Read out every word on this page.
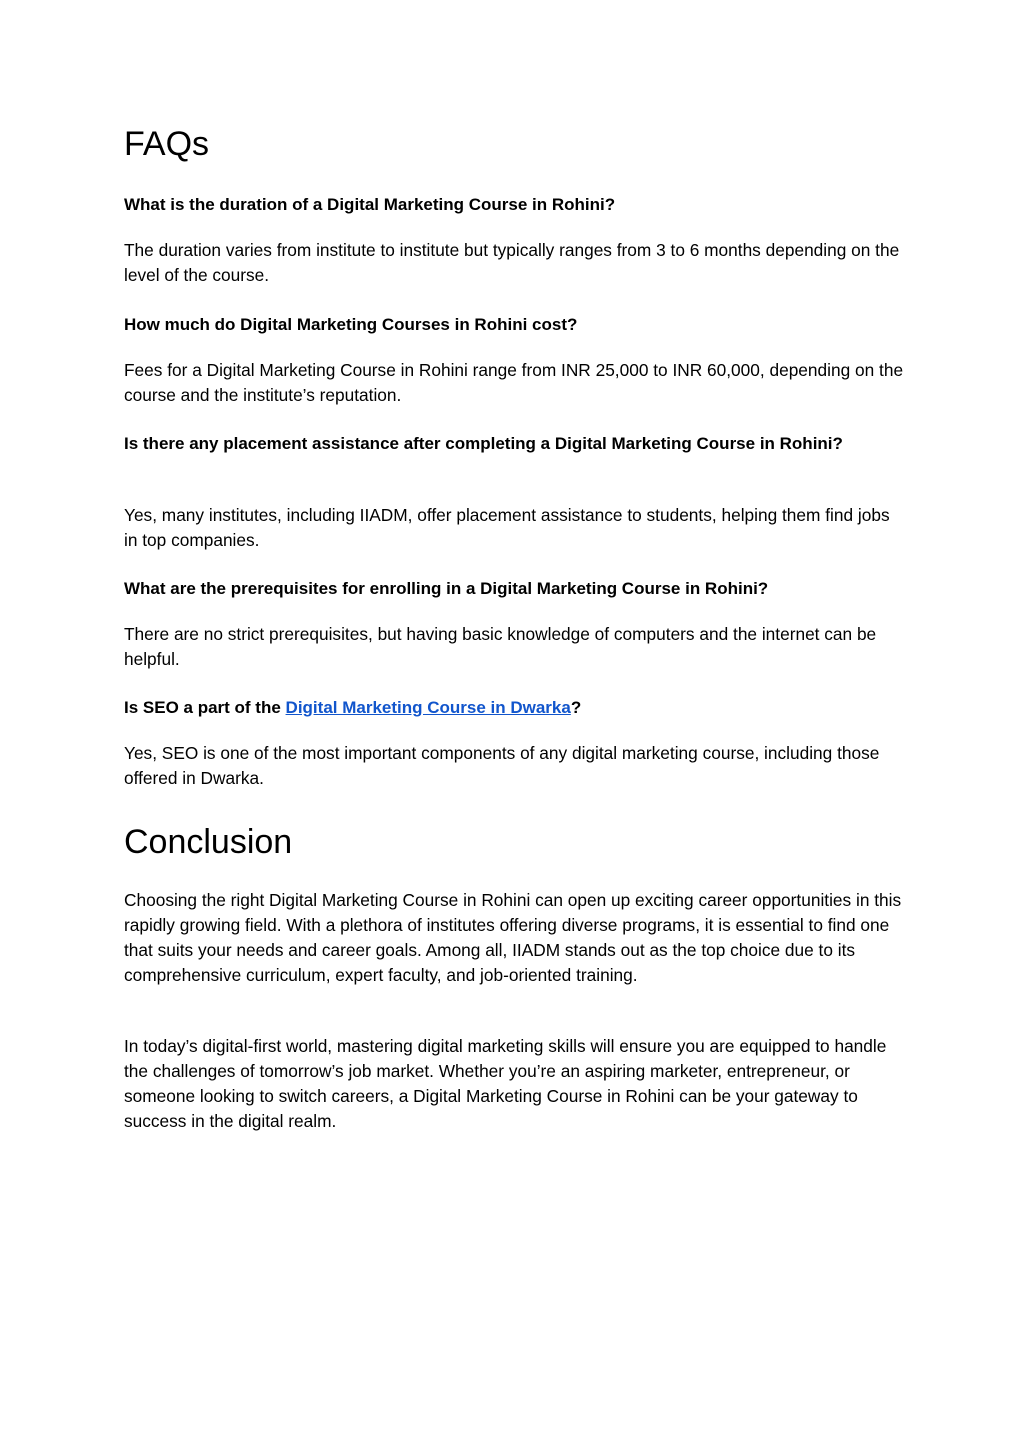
FAQs

What is the duration of a Digital Marketing Course in Rohini?

The duration varies from institute to institute but typically ranges from 3 to 6 months depending on the level of the course.

How much do Digital Marketing Courses in Rohini cost?

Fees for a Digital Marketing Course in Rohini range from INR 25,000 to INR 60,000, depending on the course and the institute’s reputation.

Is there any placement assistance after completing a Digital Marketing Course in Rohini?

Yes, many institutes, including IIADM, offer placement assistance to students, helping them find jobs in top companies.

What are the prerequisites for enrolling in a Digital Marketing Course in Rohini?

There are no strict prerequisites, but having basic knowledge of computers and the internet can be helpful.

Is SEO a part of the Digital Marketing Course in Dwarka?

Yes, SEO is one of the most important components of any digital marketing course, including those offered in Dwarka.

Conclusion

Choosing the right Digital Marketing Course in Rohini can open up exciting career opportunities in this rapidly growing field. With a plethora of institutes offering diverse programs, it is essential to find one that suits your needs and career goals. Among all, IIADM stands out as the top choice due to its comprehensive curriculum, expert faculty, and job-oriented training.

In today’s digital-first world, mastering digital marketing skills will ensure you are equipped to handle the challenges of tomorrow’s job market. Whether you’re an aspiring marketer, entrepreneur, or someone looking to switch careers, a Digital Marketing Course in Rohini can be your gateway to success in the digital realm.
